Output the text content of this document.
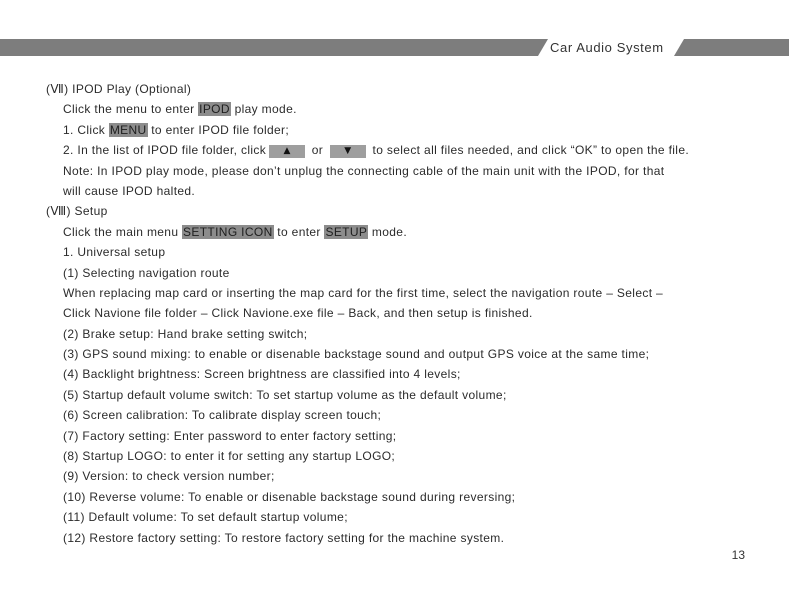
Car Audio System
(Ⅶ) IPOD Play (Optional)
Click the menu to enter IPOD play mode.
1. Click MENU to enter IPOD file folder;
2. In the list of IPOD file folder, click	▲	or	▼	to select all files needed, and click “OK” to open the file.
Note: In IPOD play mode, please don’t unplug the connecting cable of the main unit with the IPOD, for that
will cause IPOD halted.
(Ⅷ) Setup
Click the main menu SETTING ICON to enter SETUP mode.
1. Universal setup
(1) Selecting navigation route
When replacing map card or inserting the map card for the first time, select the navigation route – Select –
Click Navione file folder – Click Navione.exe file – Back, and then setup is finished.
(2) Brake setup: Hand brake setting switch;
(3) GPS sound mixing: to enable or disenable backstage sound and output GPS voice at the same time;
(4) Backlight brightness: Screen brightness are classified into 4 levels;
(5) Startup default volume switch: To set startup volume as the default volume;
(6) Screen calibration: To calibrate display screen touch;
(7) Factory setting: Enter password to enter factory setting;
(8) Startup LOGO: to enter it for setting any startup LOGO;
(9) Version: to check version number;
(10) Reverse volume: To enable or disenable backstage sound during reversing;
(11) Default volume: To set default startup volume;
(12) Restore factory setting: To restore factory setting for the machine system.
13
